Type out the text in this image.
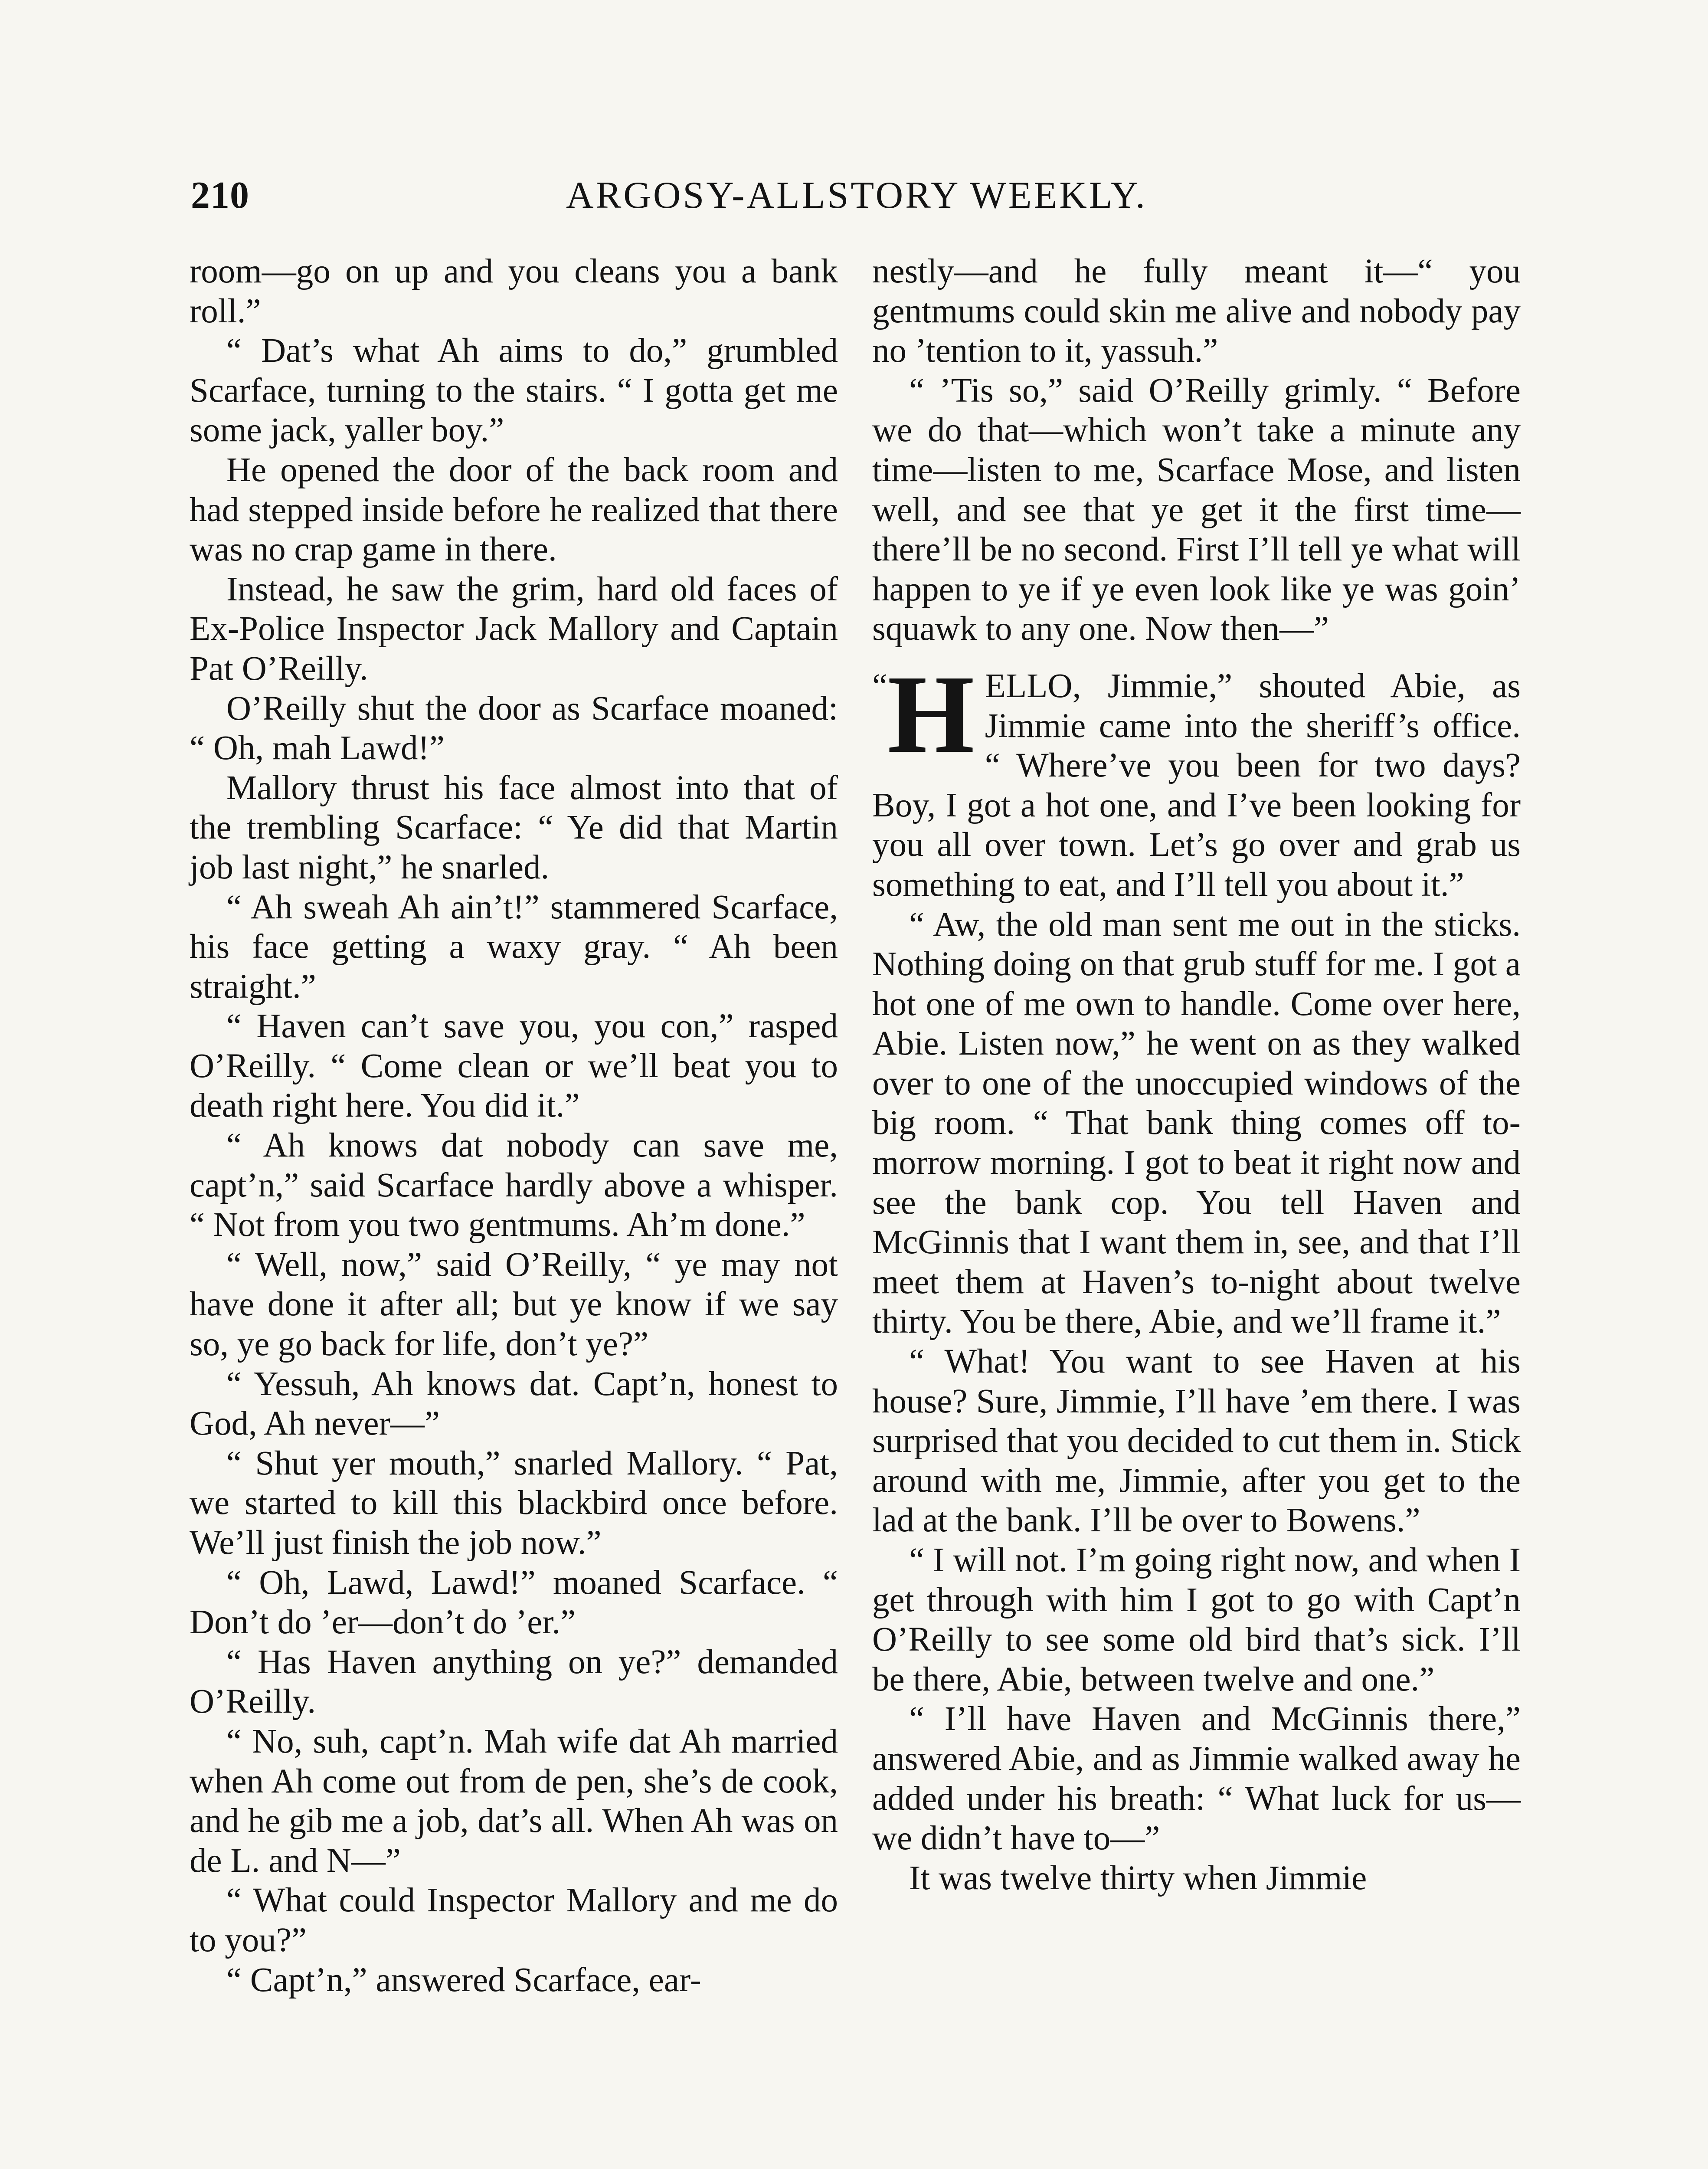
210	ARGOSY-ALLSTORY WEEKLY.

room—go on up and you cleans you a bank roll.”

“ Dat’s what Ah aims to do,” grumbled Scarface, turning to the stairs. “ I gotta get me some jack, yaller boy.”

He opened the door of the back room and had stepped inside before he realized that there was no crap game in there.

Instead, he saw the grim, hard old faces of Ex-Police Inspector Jack Mallory and Captain Pat O’Reilly.

O’Reilly shut the door as Scarface moaned: “ Oh, mah Lawd!”

Mallory thrust his face almost into that of the trembling Scarface: “ Ye did that Martin job last night,” he snarled.

“ Ah sweah Ah ain’t!” stammered Scarface, his face getting a waxy gray. “ Ah been straight.”

“ Haven can’t save you, you con,” rasped O’Reilly. “ Come clean or we’ll beat you to death right here. You did it.”

“ Ah knows dat nobody can save me, capt’n,” said Scarface hardly above a whisper. “ Not from you two gentmums. Ah’m done.”

“ Well, now,” said O’Reilly, “ ye may not have done it after all; but ye know if we say so, ye go back for life, don’t ye?”

“ Yessuh, Ah knows dat. Capt’n, honest to God, Ah never—”

“ Shut yer mouth,” snarled Mallory. “ Pat, we started to kill this blackbird once before. We’ll just finish the job now.”

“ Oh, Lawd, Lawd!” moaned Scarface. “ Don’t do ’er—don’t do ’er.”

“ Has Haven anything on ye?” demanded O’Reilly.

“ No, suh, capt’n. Mah wife dat Ah married when Ah come out from de pen, she’s de cook, and he gib me a job, dat’s all. When Ah was on de L. and N—”

“ What could Inspector Mallory and me do to you?”

“ Capt’n,” answered Scarface, ear-

nestly—and he fully meant it—“ you gentmums could skin me alive and nobody pay no ’tention to it, yassuh.”

“ ’Tis so,” said O’Reilly grimly. “ Before we do that—which won’t take a minute any time—listen to me, Scarface Mose, and listen well, and see that ye get it the first time—there’ll be no second. First I’ll tell ye what will happen to ye if ye even look like ye was goin’ squawk to any one. Now then—”

“ H ELLO, Jimmie,” shouted Abie, as Jimmie came into the sheriff’s office. “ Where’ve you been for two days? Boy, I got a hot one, and I’ve been looking for you all over town. Let’s go over and grab us something to eat, and I’ll tell you about it.”

“ Aw, the old man sent me out in the sticks. Nothing doing on that grub stuff for me. I got a hot one of me own to handle. Come over here, Abie. Listen now,” he went on as they walked over to one of the unoccupied windows of the big room. “ That bank thing comes off to-morrow morning. I got to beat it right now and see the bank cop. You tell Haven and McGinnis that I want them in, see, and that I’ll meet them at Haven’s to-night about twelve thirty. You be there, Abie, and we’ll frame it.”

“ What! You want to see Haven at his house? Sure, Jimmie, I’ll have ’em there. I was surprised that you decided to cut them in. Stick around with me, Jimmie, after you get to the lad at the bank. I’ll be over to Bowens.”

“ I will not. I’m going right now, and when I get through with him I got to go with Capt’n O’Reilly to see some old bird that’s sick. I’ll be there, Abie, between twelve and one.”

“ I’ll have Haven and McGinnis there,” answered Abie, and as Jimmie walked away he added under his breath: “ What luck for us—we didn’t have to—”

It was twelve thirty when Jimmie
